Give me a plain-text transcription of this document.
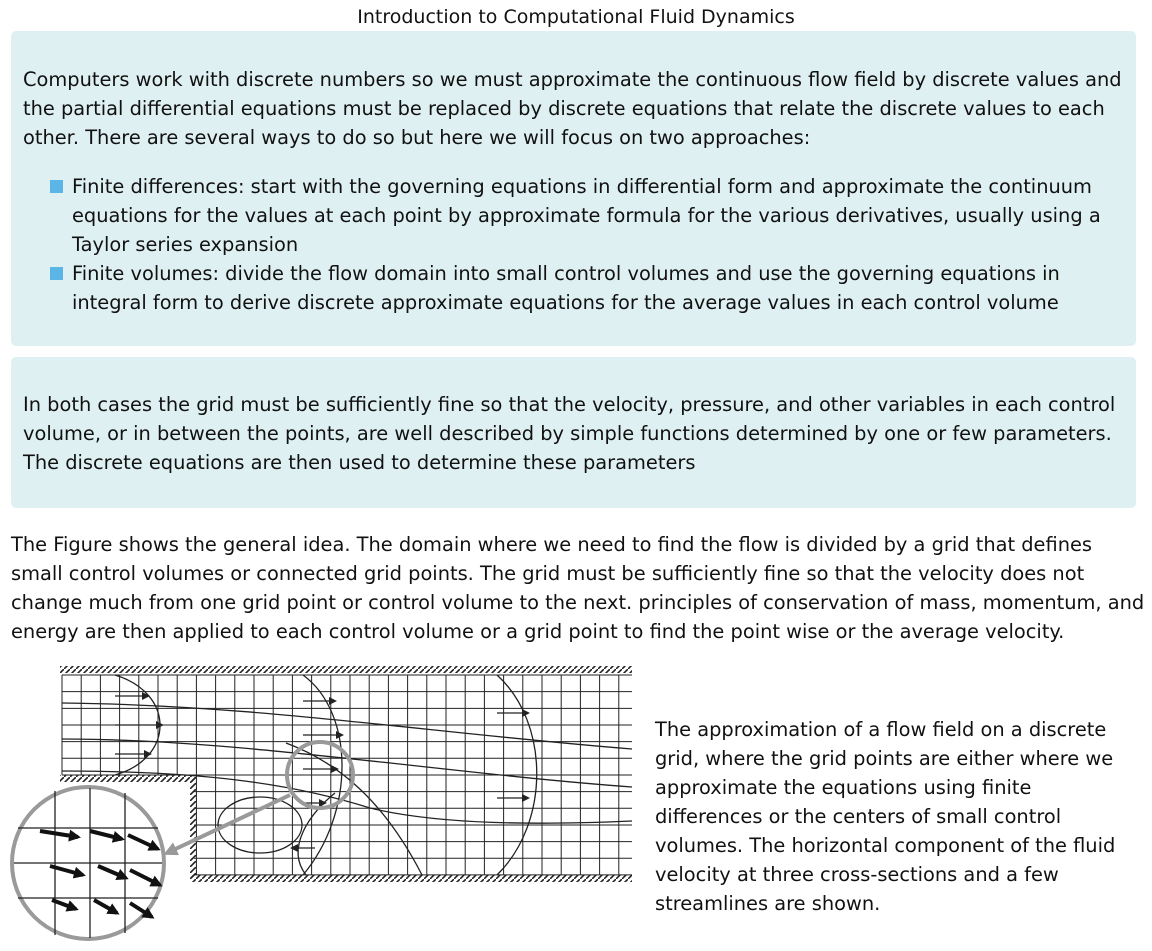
Introduction to Computational Fluid Dynamics

Computers work with discrete numbers so we must approximate the continuous flow field by discrete values and the partial differential equations must be replaced by discrete equations that relate the discrete values to each other. There are several ways to do so but here we will focus on two approaches:

Finite differences: start with the governing equations in differential form and approximate the continuum equations for the values at each point by approximate formula for the various derivatives, usually using a Taylor series expansion
Finite volumes: divide the flow domain into small control volumes and use the governing equations in integral form to derive discrete approximate equations for the average values in each control volume

In both cases the grid must be sufficiently fine so that the velocity, pressure, and other variables in each control volume, or in between the points, are well described by simple functions determined by one or few parameters. The discrete equations are then used to determine these parameters

The Figure shows the general idea. The domain where we need to find the flow is divided by a grid that defines small control volumes or connected grid points. The grid must be sufficiently fine so that the velocity does not change much from one grid point or control volume to the next. principles of conservation of mass, momentum, and energy are then applied to each control volume or a grid point to find the point wise or the average velocity.

The approximation of a flow field on a discrete grid, where the grid points are either where we approximate the equations using finite differences or the centers of small control volumes. The horizontal component of the fluid velocity at three cross-sections and a few streamlines are shown.
